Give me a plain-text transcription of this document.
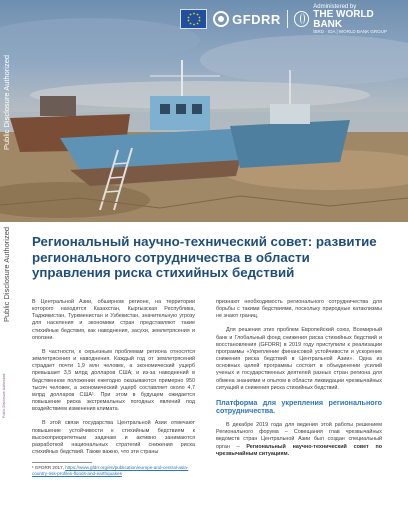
GFDRR
Administered by
THE WORLD BANK
IBRD · IDA | WORLD BANK GROUP
Public Disclosure Authorized
Public Disclosure Authorized
Public Disclosure Authorized
Региональный научно-технический совет: развитие регионального сотрудничества в области управления риска стихийных бедствий

В Центральной Азии, обширном регионе, на территории которого находятся Казахстан, Кыргызская Республика, Таджикистан, Туркменистан и Узбекистан, значительную угрозу для населения и экономики стран представляют такие стихийные бедствия, как наводнения, засухи, землетрясения и оползни.

В частности, к серьезным проблемам региона относятся землетрясения и наводнения. Каждый год от землетрясений страдает почти 1,9 млн человек, а экономический ущерб превышает 3,5 млрд долларов США; и из-за наводнений в бедственном положении ежегодно оказываются примерно 950 тысяч человек, а экономический ущерб составляет около 4,7 млрд долларов США¹. При этом в будущем ожидается повышение риска экстремальных погодных явлений под воздействием изменения климата.

В этой связи государства Центральной Азии отмечают повышение устойчивости к стихийным бедствиям к высокоприоритетным задачам и активно занимаются разработкой национальных стратегий снижения риска стихийных бедствий. Также важно, что эти страны

¹ GFDRR 2017, https://www.gfdrr.org/en/publication/europe-and-central-asia-country-risk-profiles-floods-and-earthquakes

признают необходимость регионального сотрудничества для борьбы с такими бедствиями, поскольку природные катаклизмы не знают границ.

Для решения этих проблем Европейский союз, Всемирный банк и Глобальный фонд снижения риска стихийных бедствий и восстановления (GFDRR) в 2019 году приступили к реализации программы «Укрепление финансовой устойчивости и ускорение снижения риска бедствий в Центральной Азии». Одна из основных целей программы состоит в объединении усилий ученых и государственных деятелей разных стран региона для обмена знаниями и опытом в области ликвидации чрезвычайных ситуаций и снижения риска стихийных бедствий.

Платформа для укрепления регионального сотрудничества.

В декабре 2019 года для ведения этой работы решением Регионального форума – Совещания глав чрезвычайных ведомств стран Центральной Азии был создан специальный орган – Региональный научно-технический совет по чрезвычайным ситуациям.
